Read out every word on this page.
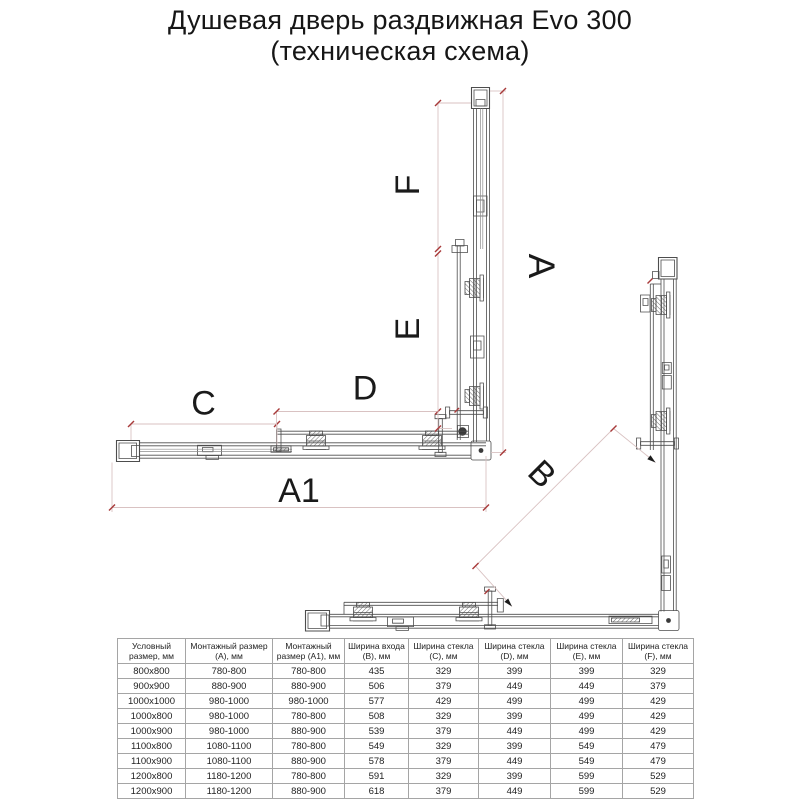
Душевая дверь раздвижная Evo 300
(техническая схема)
C	D
F
E
A
A1	B
Условный размер, мм	Монтажный размер (A), мм	Монтажный размер (A1), мм	Ширина входа (B), мм	Ширина стекла (C), мм	Ширина стекла (D), мм	Ширина стекла (E), мм	Ширина стекла (F), мм
800x800	780-800	780-800	435	329	399	399	329
900x900	880-900	880-900	506	379	449	449	379
1000x1000	980-1000	980-1000	577	429	499	499	429
1000x800	980-1000	780-800	508	329	399	499	429
1000x900	980-1000	880-900	539	379	449	499	429
1100x800	1080-1100	780-800	549	329	399	549	479
1100x900	1080-1100	880-900	578	379	449	549	479
1200x800	1180-1200	780-800	591	329	399	599	529
1200x900	1180-1200	880-900	618	379	449	599	529
